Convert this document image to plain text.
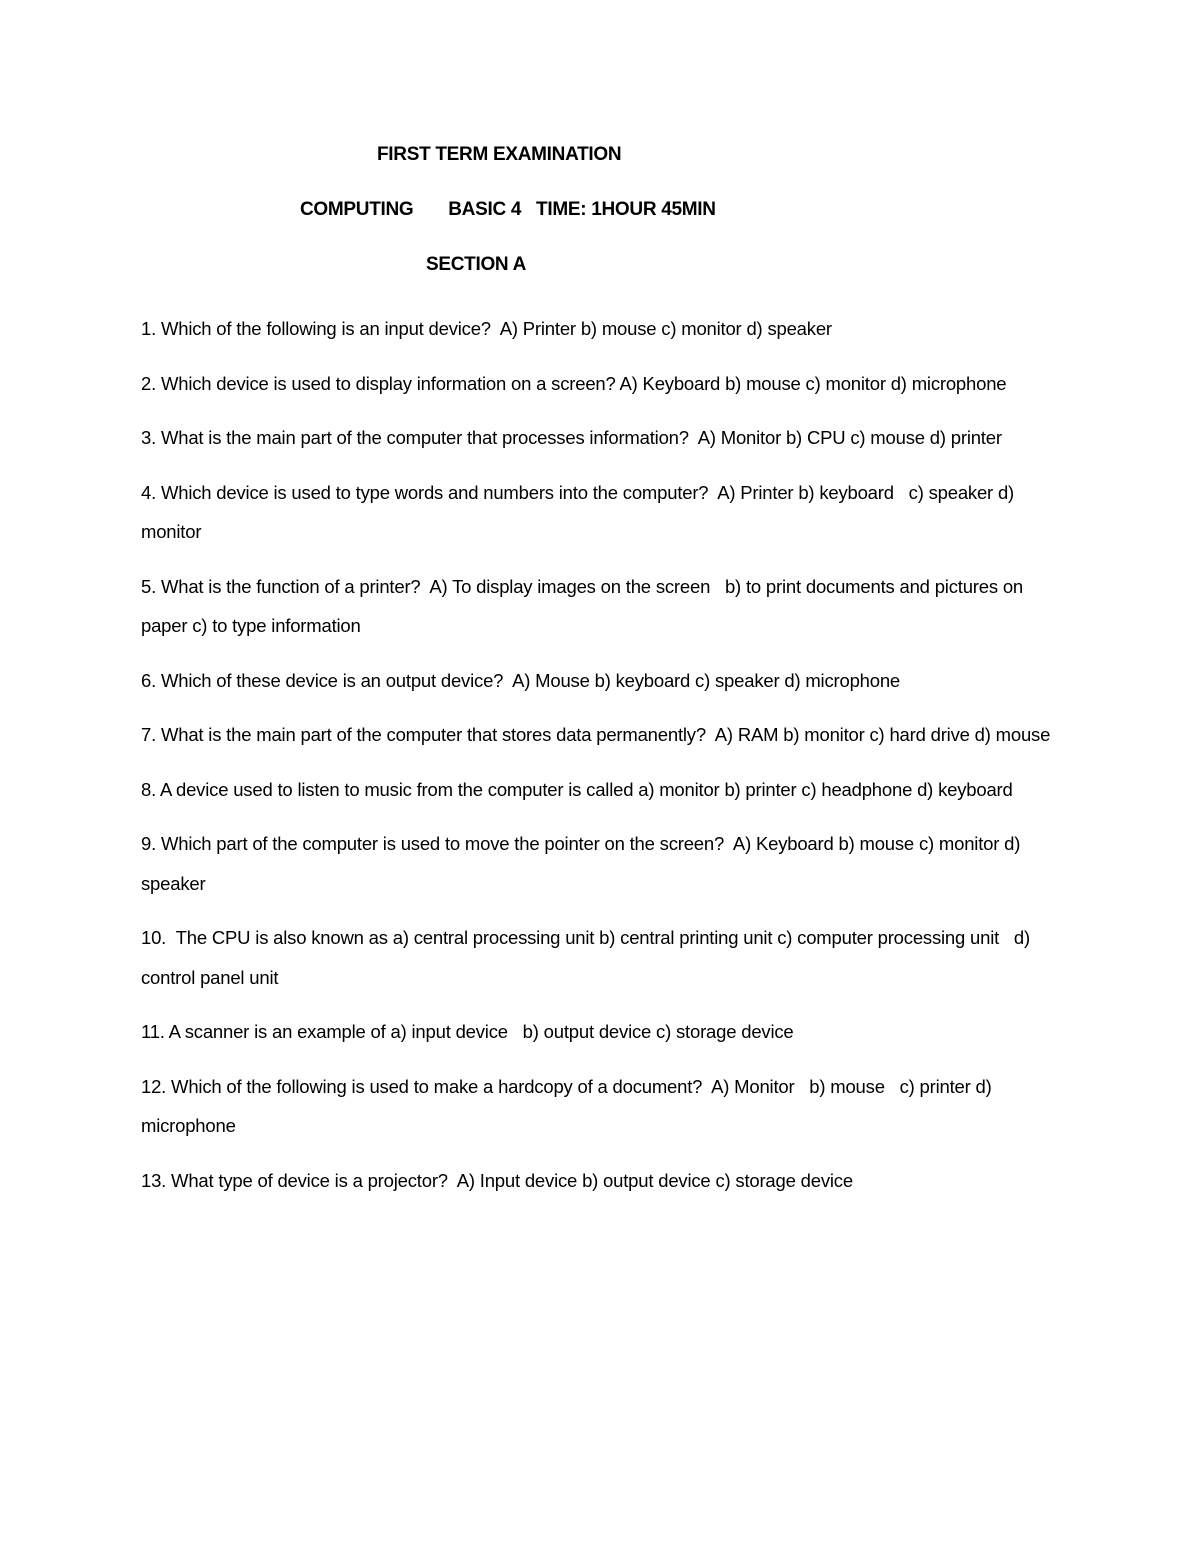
FIRST TERM EXAMINATION
COMPUTING       BASIC 4   TIME: 1HOUR 45MIN
SECTION A
1. Which of the following is an input device?  A) Printer b) mouse c) monitor d) speaker
2. Which device is used to display information on a screen? A) Keyboard b) mouse c) monitor d) microphone
3. What is the main part of the computer that processes information?  A) Monitor b) CPU c) mouse d) printer
4. Which device is used to type words and numbers into the computer?  A) Printer b) keyboard   c) speaker d) monitor
5. What is the function of a printer?  A) To display images on the screen   b) to print documents and pictures on paper c) to type information
6. Which of these device is an output device?  A) Mouse b) keyboard c) speaker d) microphone
7. What is the main part of the computer that stores data permanently?  A) RAM b) monitor c) hard drive d) mouse
8. A device used to listen to music from the computer is called a) monitor b) printer c) headphone d) keyboard
9. Which part of the computer is used to move the pointer on the screen?  A) Keyboard b) mouse c) monitor d) speaker
10.  The CPU is also known as a) central processing unit b) central printing unit c) computer processing unit   d) control panel unit
11. A scanner is an example of a) input device   b) output device c) storage device
12. Which of the following is used to make a hardcopy of a document?  A) Monitor   b) mouse   c) printer d) microphone
13. What type of device is a projector?  A) Input device b) output device c) storage device
